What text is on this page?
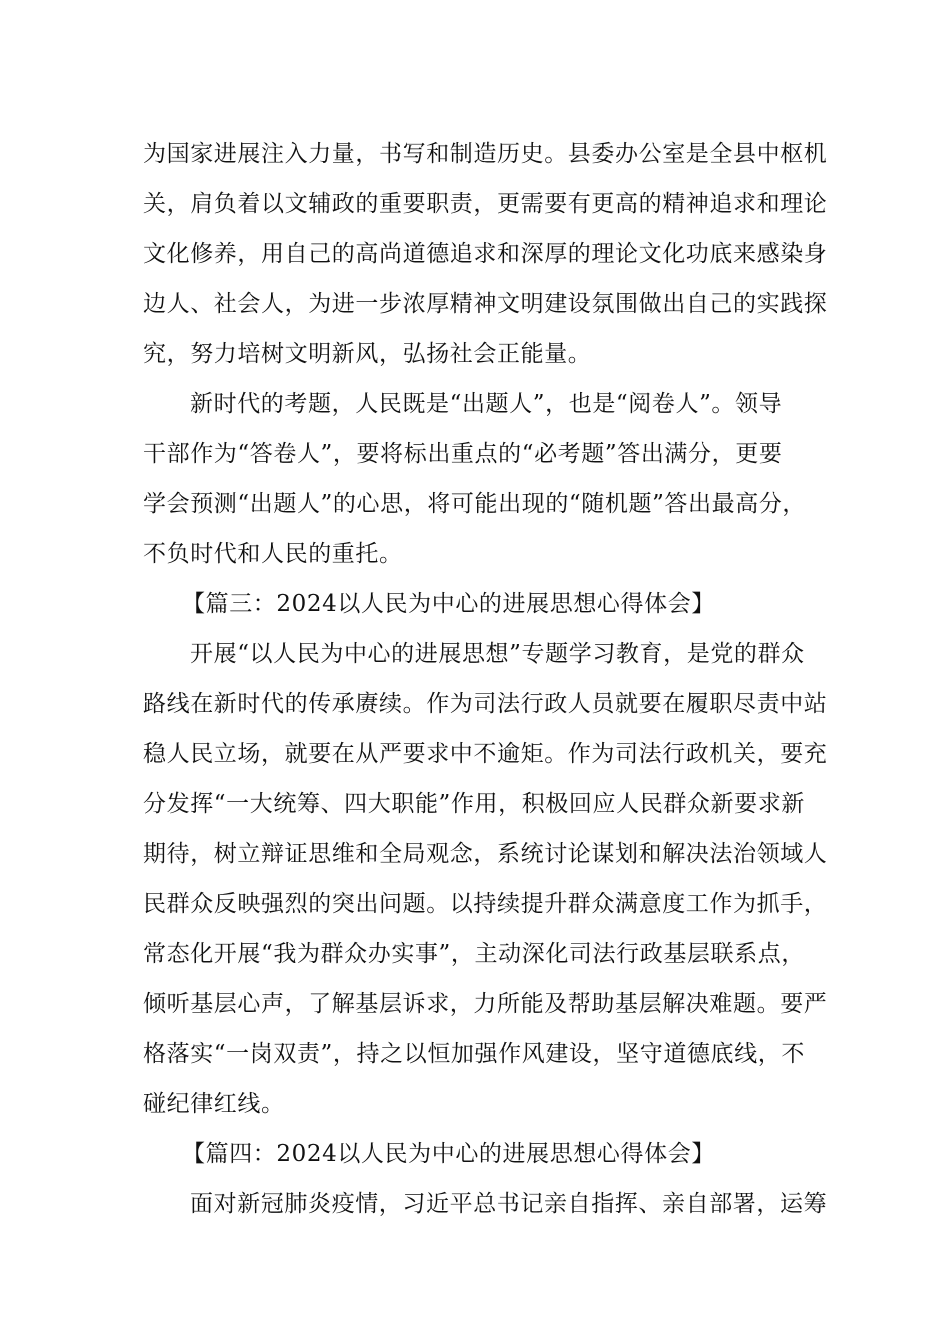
为国家进展注入力量，书写和制造历史。县委办公室是全县中枢机
关，肩负着以文辅政的重要职责，更需要有更高的精神追求和理论
文化修养，用自己的高尚道德追求和深厚的理论文化功底来感染身
边人、社会人，为进一步浓厚精神文明建设氛围做出自己的实践探
究，努力培树文明新风，弘扬社会正能量。
新时代的考题，人民既是“出题人”，也是“阅卷人”。领导
干部作为“答卷人”，要将标出重点的“必考题”答出满分，更要
学会预测“出题人”的心思，将可能出现的“随机题”答出最高分，
不负时代和人民的重托。
【篇三：2024以人民为中心的进展思想心得体会】
开展“以人民为中心的进展思想”专题学习教育，是党的群众
路线在新时代的传承赓续。作为司法行政人员就要在履职尽责中站
稳人民立场，就要在从严要求中不逾矩。作为司法行政机关，要充
分发挥“一大统筹、四大职能”作用，积极回应人民群众新要求新
期待，树立辩证思维和全局观念，系统讨论谋划和解决法治领域人
民群众反映强烈的突出问题。以持续提升群众满意度工作为抓手，
常态化开展“我为群众办实事”，主动深化司法行政基层联系点，
倾听基层心声，了解基层诉求，力所能及帮助基层解决难题。要严
格落实“一岗双责”，持之以恒加强作风建设，坚守道德底线，不
碰纪律红线。
【篇四：2024以人民为中心的进展思想心得体会】
面对新冠肺炎疫情，习近平总书记亲自指挥、亲自部署，运筹
